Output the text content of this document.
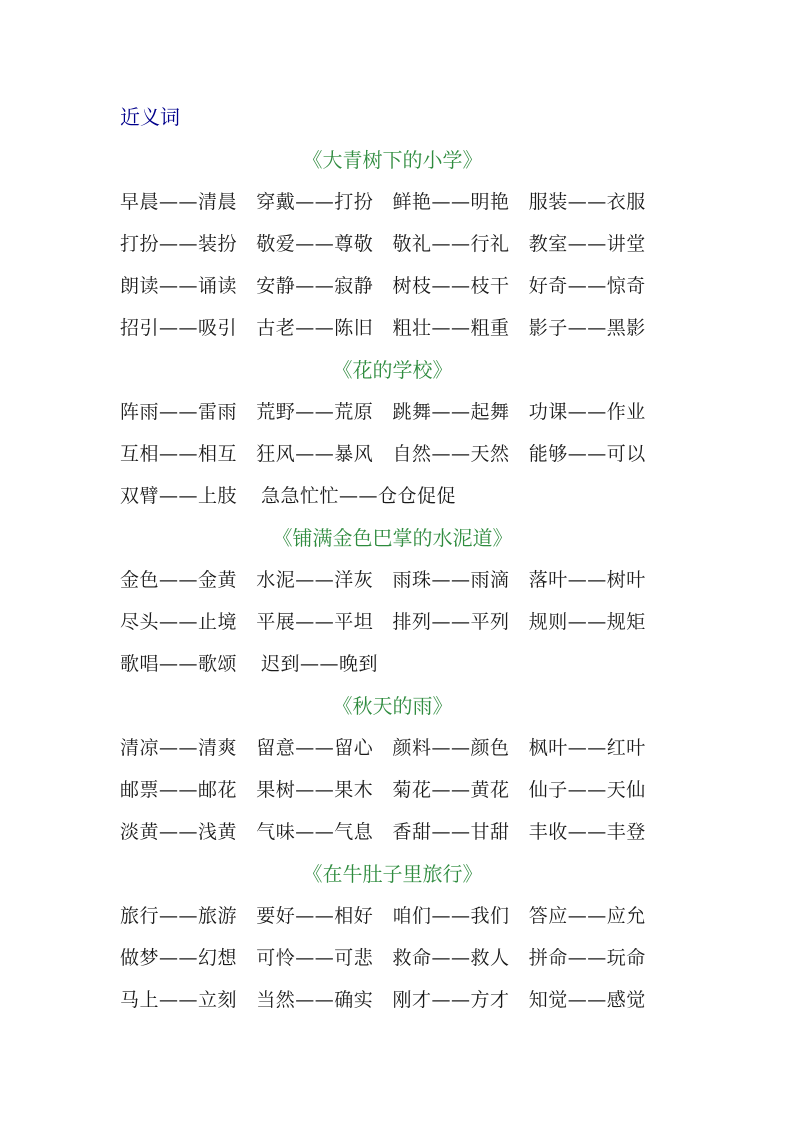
近义词
《大青树下的小学》
早晨——清晨	穿戴——打扮	鲜艳——明艳	服装——衣服
打扮——装扮	敬爱——尊敬	敬礼——行礼	教室——讲堂
朗读——诵读	安静——寂静	树枝——枝干	好奇——惊奇
招引——吸引	古老——陈旧	粗壮——粗重	影子——黑影
《花的学校》
阵雨——雷雨	荒野——荒原	跳舞——起舞	功课——作业
互相——相互	狂风——暴风	自然——天然	能够——可以
双臂——上肢	急急忙忙——仓仓促促
《铺满金色巴掌的水泥道》
金色——金黄	水泥——洋灰	雨珠——雨滴	落叶——树叶
尽头——止境	平展——平坦	排列——平列	规则——规矩
歌唱——歌颂	迟到——晚到
《秋天的雨》
清凉——清爽	留意——留心	颜料——颜色	枫叶——红叶
邮票——邮花	果树——果木	菊花——黄花	仙子——天仙
淡黄——浅黄	气味——气息	香甜——甘甜	丰收——丰登
《在牛肚子里旅行》
旅行——旅游	要好——相好	咱们——我们	答应——应允
做梦——幻想	可怜——可悲	救命——救人	拼命——玩命
马上——立刻	当然——确实	刚才——方才	知觉——感觉
